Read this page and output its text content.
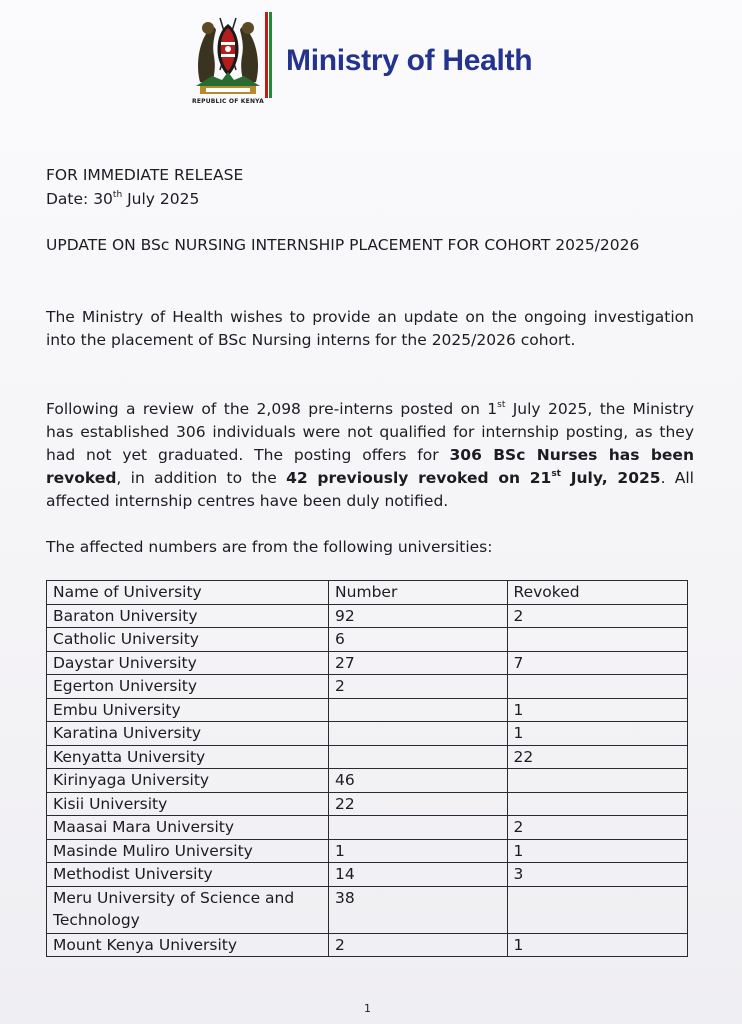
REPUBLIC OF KENYA
Ministry of Health
FOR IMMEDIATE RELEASE
Date: 30th July 2025
UPDATE ON BSc NURSING INTERNSHIP PLACEMENT FOR COHORT 2025/2026
The Ministry of Health wishes to provide an update on the ongoing investigation into the placement of BSc Nursing interns for the 2025/2026 cohort.
Following a review of the 2,098 pre-interns posted on 1st July 2025, the Ministry has established 306 individuals were not qualified for internship posting, as they had not yet graduated. The posting offers for 306 BSc Nurses has been revoked, in addition to the 42 previously revoked on 21st July, 2025. All affected internship centres have been duly notified.
The affected numbers are from the following universities:
Name of University	Number	Revoked
Baraton University	92	2
Catholic University	6	
Daystar University	27	7
Egerton University	2	
Embu University		1
Karatina University		1
Kenyatta University		22
Kirinyaga University	46	
Kisii University	22	
Maasai Mara University		2
Masinde Muliro University	1	1
Methodist University	14	3
Meru University of Science and Technology	38	
Mount Kenya University	2	1
1
